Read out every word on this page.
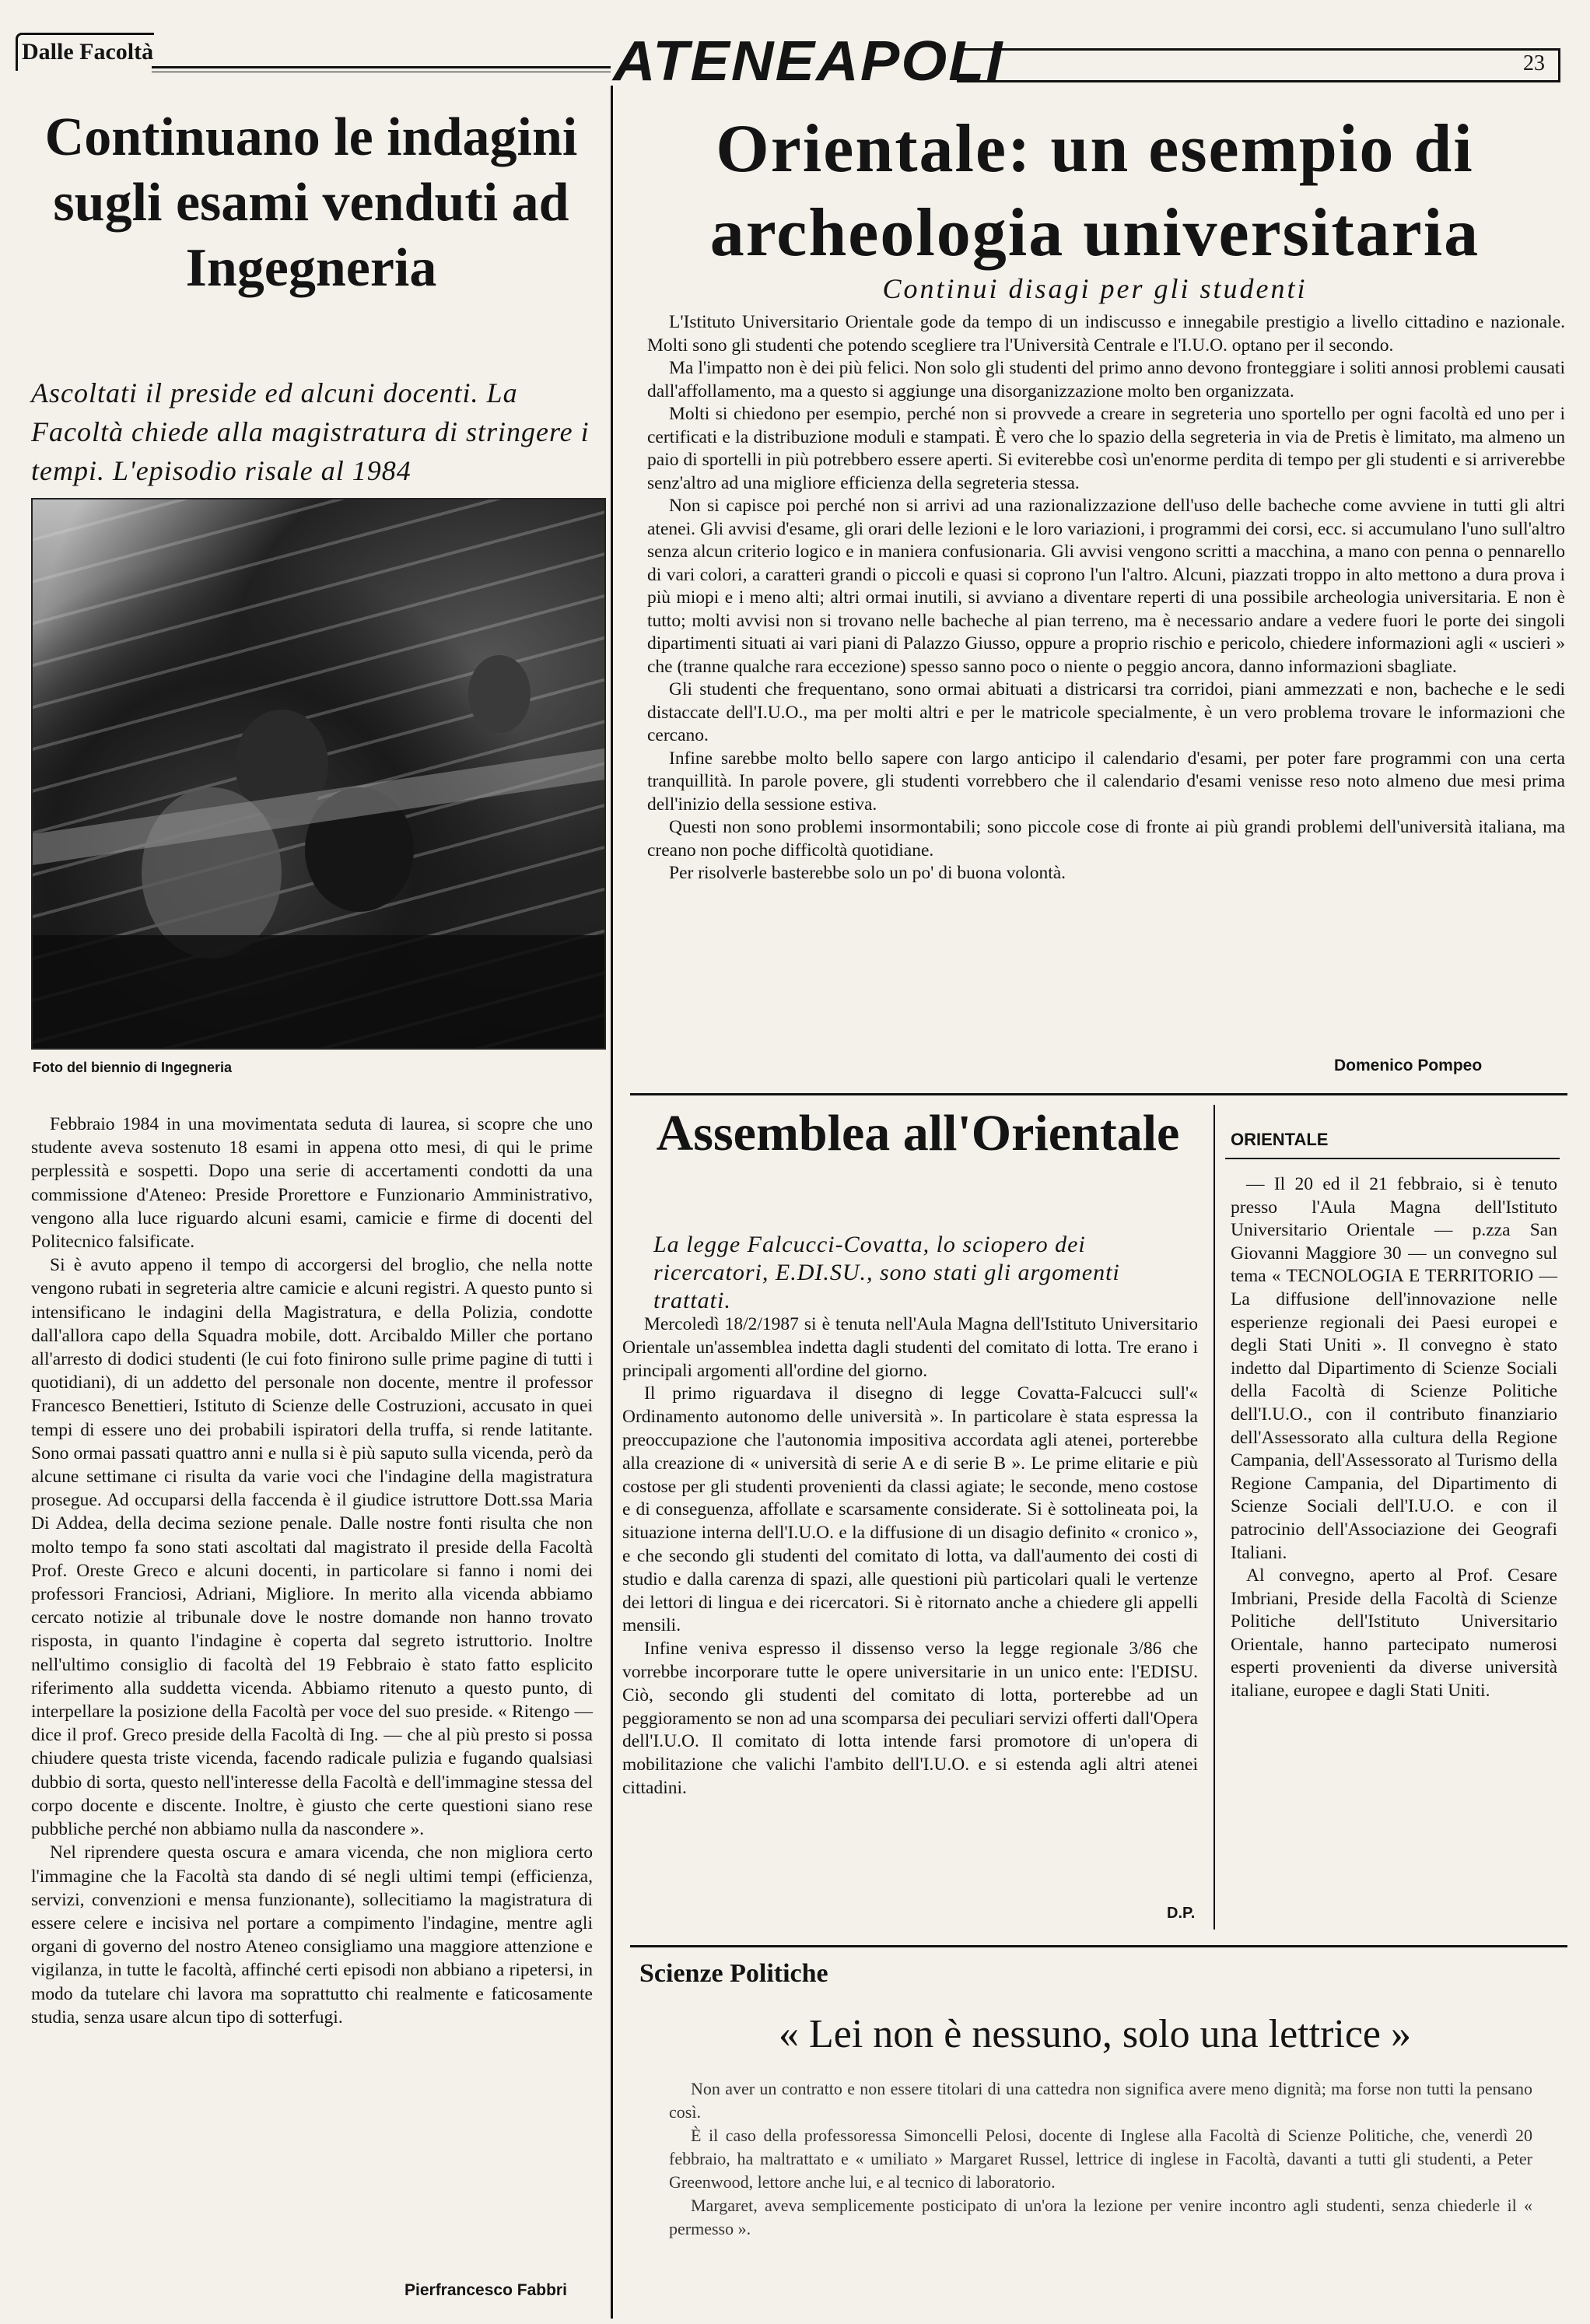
Dalle Facoltà	ATENEAPOLI	23
Continuano le indagini sugli esami venduti ad Ingegneria
Ascoltati il preside ed alcuni docenti. La Facoltà chiede alla magistratura di stringere i tempi. L'episodio risale al 1984
Foto del biennio di Ingegneria

Febbraio 1984 in una movimentata seduta di laurea, si scopre che uno studente aveva sostenuto 18 esami in appena otto mesi, di qui le prime perplessità e sospetti. Dopo una serie di accertamenti condotti da una commissione d'Ateneo: Preside Prorettore e Funzionario Amministrativo, vengono alla luce riguardo alcuni esami, camicie e firme di docenti del Politecnico falsificate.

Si è avuto appeno il tempo di accorgersi del broglio, che nella notte vengono rubati in segreteria altre camicie e alcuni registri. A questo punto si intensificano le indagini della Magistratura, e della Polizia, condotte dall'allora capo della Squadra mobile, dott. Arcibaldo Miller che portano all'arresto di dodici studenti (le cui foto finirono sulle prime pagine di tutti i quotidiani), di un addetto del personale non docente, mentre il professor Francesco Benettieri, Istituto di Scienze delle Costruzioni, accusato in quei tempi di essere uno dei probabili ispiratori della truffa, si rende latitante. Sono ormai passati quattro anni e nulla si è più saputo sulla vicenda, però da alcune settimane ci risulta da varie voci che l'indagine della magistratura prosegue. Ad occuparsi della faccenda è il giudice istruttore Dott.ssa Maria Di Addea, della decima sezione penale. Dalle nostre fonti risulta che non molto tempo fa sono stati ascoltati dal magistrato il preside della Facoltà Prof. Oreste Greco e alcuni docenti, in particolare si fanno i nomi dei professori Franciosi, Adriani, Migliore. In merito alla vicenda abbiamo cercato notizie al tribunale dove le nostre domande non hanno trovato risposta, in quanto l'indagine è coperta dal segreto istruttorio. Inoltre nell'ultimo consiglio di facoltà del 19 Febbraio è stato fatto esplicito riferimento alla suddetta vicenda. Abbiamo ritenuto a questo punto, di interpellare la posizione della Facoltà per voce del suo preside. « Ritengo — dice il prof. Greco preside della Facoltà di Ing. — che al più presto si possa chiudere questa triste vicenda, facendo radicale pulizia e fugando qualsiasi dubbio di sorta, questo nell'interesse della Facoltà e dell'immagine stessa del corpo docente e discente. Inoltre, è giusto che certe questioni siano rese pubbliche perché non abbiamo nulla da nascondere ».

Nel riprendere questa oscura e amara vicenda, che non migliora certo l'immagine che la Facoltà sta dando di sé negli ultimi tempi (efficienza, servizi, convenzioni e mensa funzionante), sollecitiamo la magistratura di essere celere e incisiva nel portare a compimento l'indagine, mentre agli organi di governo del nostro Ateneo consigliamo una maggiore attenzione e vigilanza, in tutte le facoltà, affinché certi episodi non abbiano a ripetersi, in modo da tutelare chi lavora ma soprattutto chi realmente e faticosamente studia, senza usare alcun tipo di sotterfugi.

Pierfrancesco Fabbri
Orientale: un esempio di archeologia universitaria
Continui disagi per gli studenti

L'Istituto Universitario Orientale gode da tempo di un indiscusso e innegabile prestigio a livello cittadino e nazionale. Molti sono gli studenti che potendo scegliere tra l'Università Centrale e l'I.U.O. optano per il secondo.

Ma l'impatto non è dei più felici. Non solo gli studenti del primo anno devono fronteggiare i soliti annosi problemi causati dall'affollamento, ma a questo si aggiunge una disorganizzazione molto ben organizzata.

Molti si chiedono per esempio, perché non si provvede a creare in segreteria uno sportello per ogni facoltà ed uno per i certificati e la distribuzione moduli e stampati. È vero che lo spazio della segreteria in via de Pretis è limitato, ma almeno un paio di sportelli in più potrebbero essere aperti. Si eviterebbe così un'enorme perdita di tempo per gli studenti e si arriverebbe senz'altro ad una migliore efficienza della segreteria stessa.

Non si capisce poi perché non si arrivi ad una razionalizzazione dell'uso delle bacheche come avviene in tutti gli altri atenei. Gli avvisi d'esame, gli orari delle lezioni e le loro variazioni, i programmi dei corsi, ecc. si accumulano l'uno sull'altro senza alcun criterio logico e in maniera confusionaria. Gli avvisi vengono scritti a macchina, a mano con penna o pennarello di vari colori, a caratteri grandi o piccoli e quasi si coprono l'un l'altro. Alcuni, piazzati troppo in alto mettono a dura prova i più miopi e i meno alti; altri ormai inutili, si avviano a diventare reperti di una possibile archeologia universitaria. E non è tutto; molti avvisi non si trovano nelle bacheche al pian terreno, ma è necessario andare a vedere fuori le porte dei singoli dipartimenti situati ai vari piani di Palazzo Giusso, oppure a proprio rischio e pericolo, chiedere informazioni agli « uscieri » che (tranne qualche rara eccezione) spesso sanno poco o niente o peggio ancora, danno informazioni sbagliate.

Gli studenti che frequentano, sono ormai abituati a districarsi tra corridoi, piani ammezzati e non, bacheche e le sedi distaccate dell'I.U.O., ma per molti altri e per le matricole specialmente, è un vero problema trovare le informazioni che cercano.

Infine sarebbe molto bello sapere con largo anticipo il calendario d'esami, per poter fare programmi con una certa tranquillità. In parole povere, gli studenti vorrebbero che il calendario d'esami venisse reso noto almeno due mesi prima dell'inizio della sessione estiva.

Questi non sono problemi insormontabili; sono piccole cose di fronte ai più grandi problemi dell'università italiana, ma creano non poche difficoltà quotidiane.

Per risolverle basterebbe solo un po' di buona volontà.

Domenico Pompeo
Assemblea all'Orientale
La legge Falcucci-Covatta, lo sciopero dei ricercatori, E.DI.SU., sono stati gli argomenti trattati.

Mercoledì 18/2/1987 si è tenuta nell'Aula Magna dell'Istituto Universitario Orientale un'assemblea indetta dagli studenti del comitato di lotta. Tre erano i principali argomenti all'ordine del giorno.

Il primo riguardava il disegno di legge Covatta-Falcucci sull'« Ordinamento autonomo delle università ». In particolare è stata espressa la preoccupazione che l'autonomia impositiva accordata agli atenei, porterebbe alla creazione di « università di serie A e di serie B ». Le prime elitarie e più costose per gli studenti provenienti da classi agiate; le seconde, meno costose e di conseguenza, affollate e scarsamente considerate. Si è sottolineata poi, la situazione interna dell'I.U.O. e la diffusione di un disagio definito « cronico », e che secondo gli studenti del comitato di lotta, va dall'aumento dei costi di studio e dalla carenza di spazi, alle questioni più particolari quali le vertenze dei lettori di lingua e dei ricercatori. Si è ritornato anche a chiedere gli appelli mensili.

Infine veniva espresso il dissenso verso la legge regionale 3/86 che vorrebbe incorporare tutte le opere universitarie in un unico ente: l'EDISU. Ciò, secondo gli studenti del comitato di lotta, porterebbe ad un peggioramento se non ad una scomparsa dei peculiari servizi offerti dall'Opera dell'I.U.O. Il comitato di lotta intende farsi promotore di un'opera di mobilitazione che valichi l'ambito dell'I.U.O. e si estenda agli altri atenei cittadini.

D.P.
ORIENTALE

— Il 20 ed il 21 febbraio, si è tenuto presso l'Aula Magna dell'Istituto Universitario Orientale — p.zza San Giovanni Maggiore 30 — un convegno sul tema « TECNOLOGIA E TERRITORIO — La diffusione dell'innovazione nelle esperienze regionali dei Paesi europei e degli Stati Uniti ». Il convegno è stato indetto dal Dipartimento di Scienze Sociali della Facoltà di Scienze Politiche dell'I.U.O., con il contributo finanziario dell'Assessorato alla cultura della Regione Campania, dell'Assessorato al Turismo della Regione Campania, del Dipartimento di Scienze Sociali dell'I.U.O. e con il patrocinio dell'Associazione dei Geografi Italiani.

Al convegno, aperto al Prof. Cesare Imbriani, Preside della Facoltà di Scienze Politiche dell'Istituto Universitario Orientale, hanno partecipato numerosi esperti provenienti da diverse università italiane, europee e dagli Stati Uniti.

Scienze Politiche
« Lei non è nessuno, solo una lettrice »

Non aver un contratto e non essere titolari di una cattedra non significa avere meno dignità; ma forse non tutti la pensano così.

È il caso della professoressa Simoncelli Pelosi, docente di Inglese alla Facoltà di Scienze Politiche, che, venerdì 20 febbraio, ha maltrattato e « umiliato » Margaret Russel, lettrice di inglese in Facoltà, davanti a tutti gli studenti, a Peter Greenwood, lettore anche lui, e al tecnico di laboratorio.

Margaret, aveva semplicemente posticipato di un'ora la lezione per venire incontro agli studenti, senza chiederle il « permesso ».
